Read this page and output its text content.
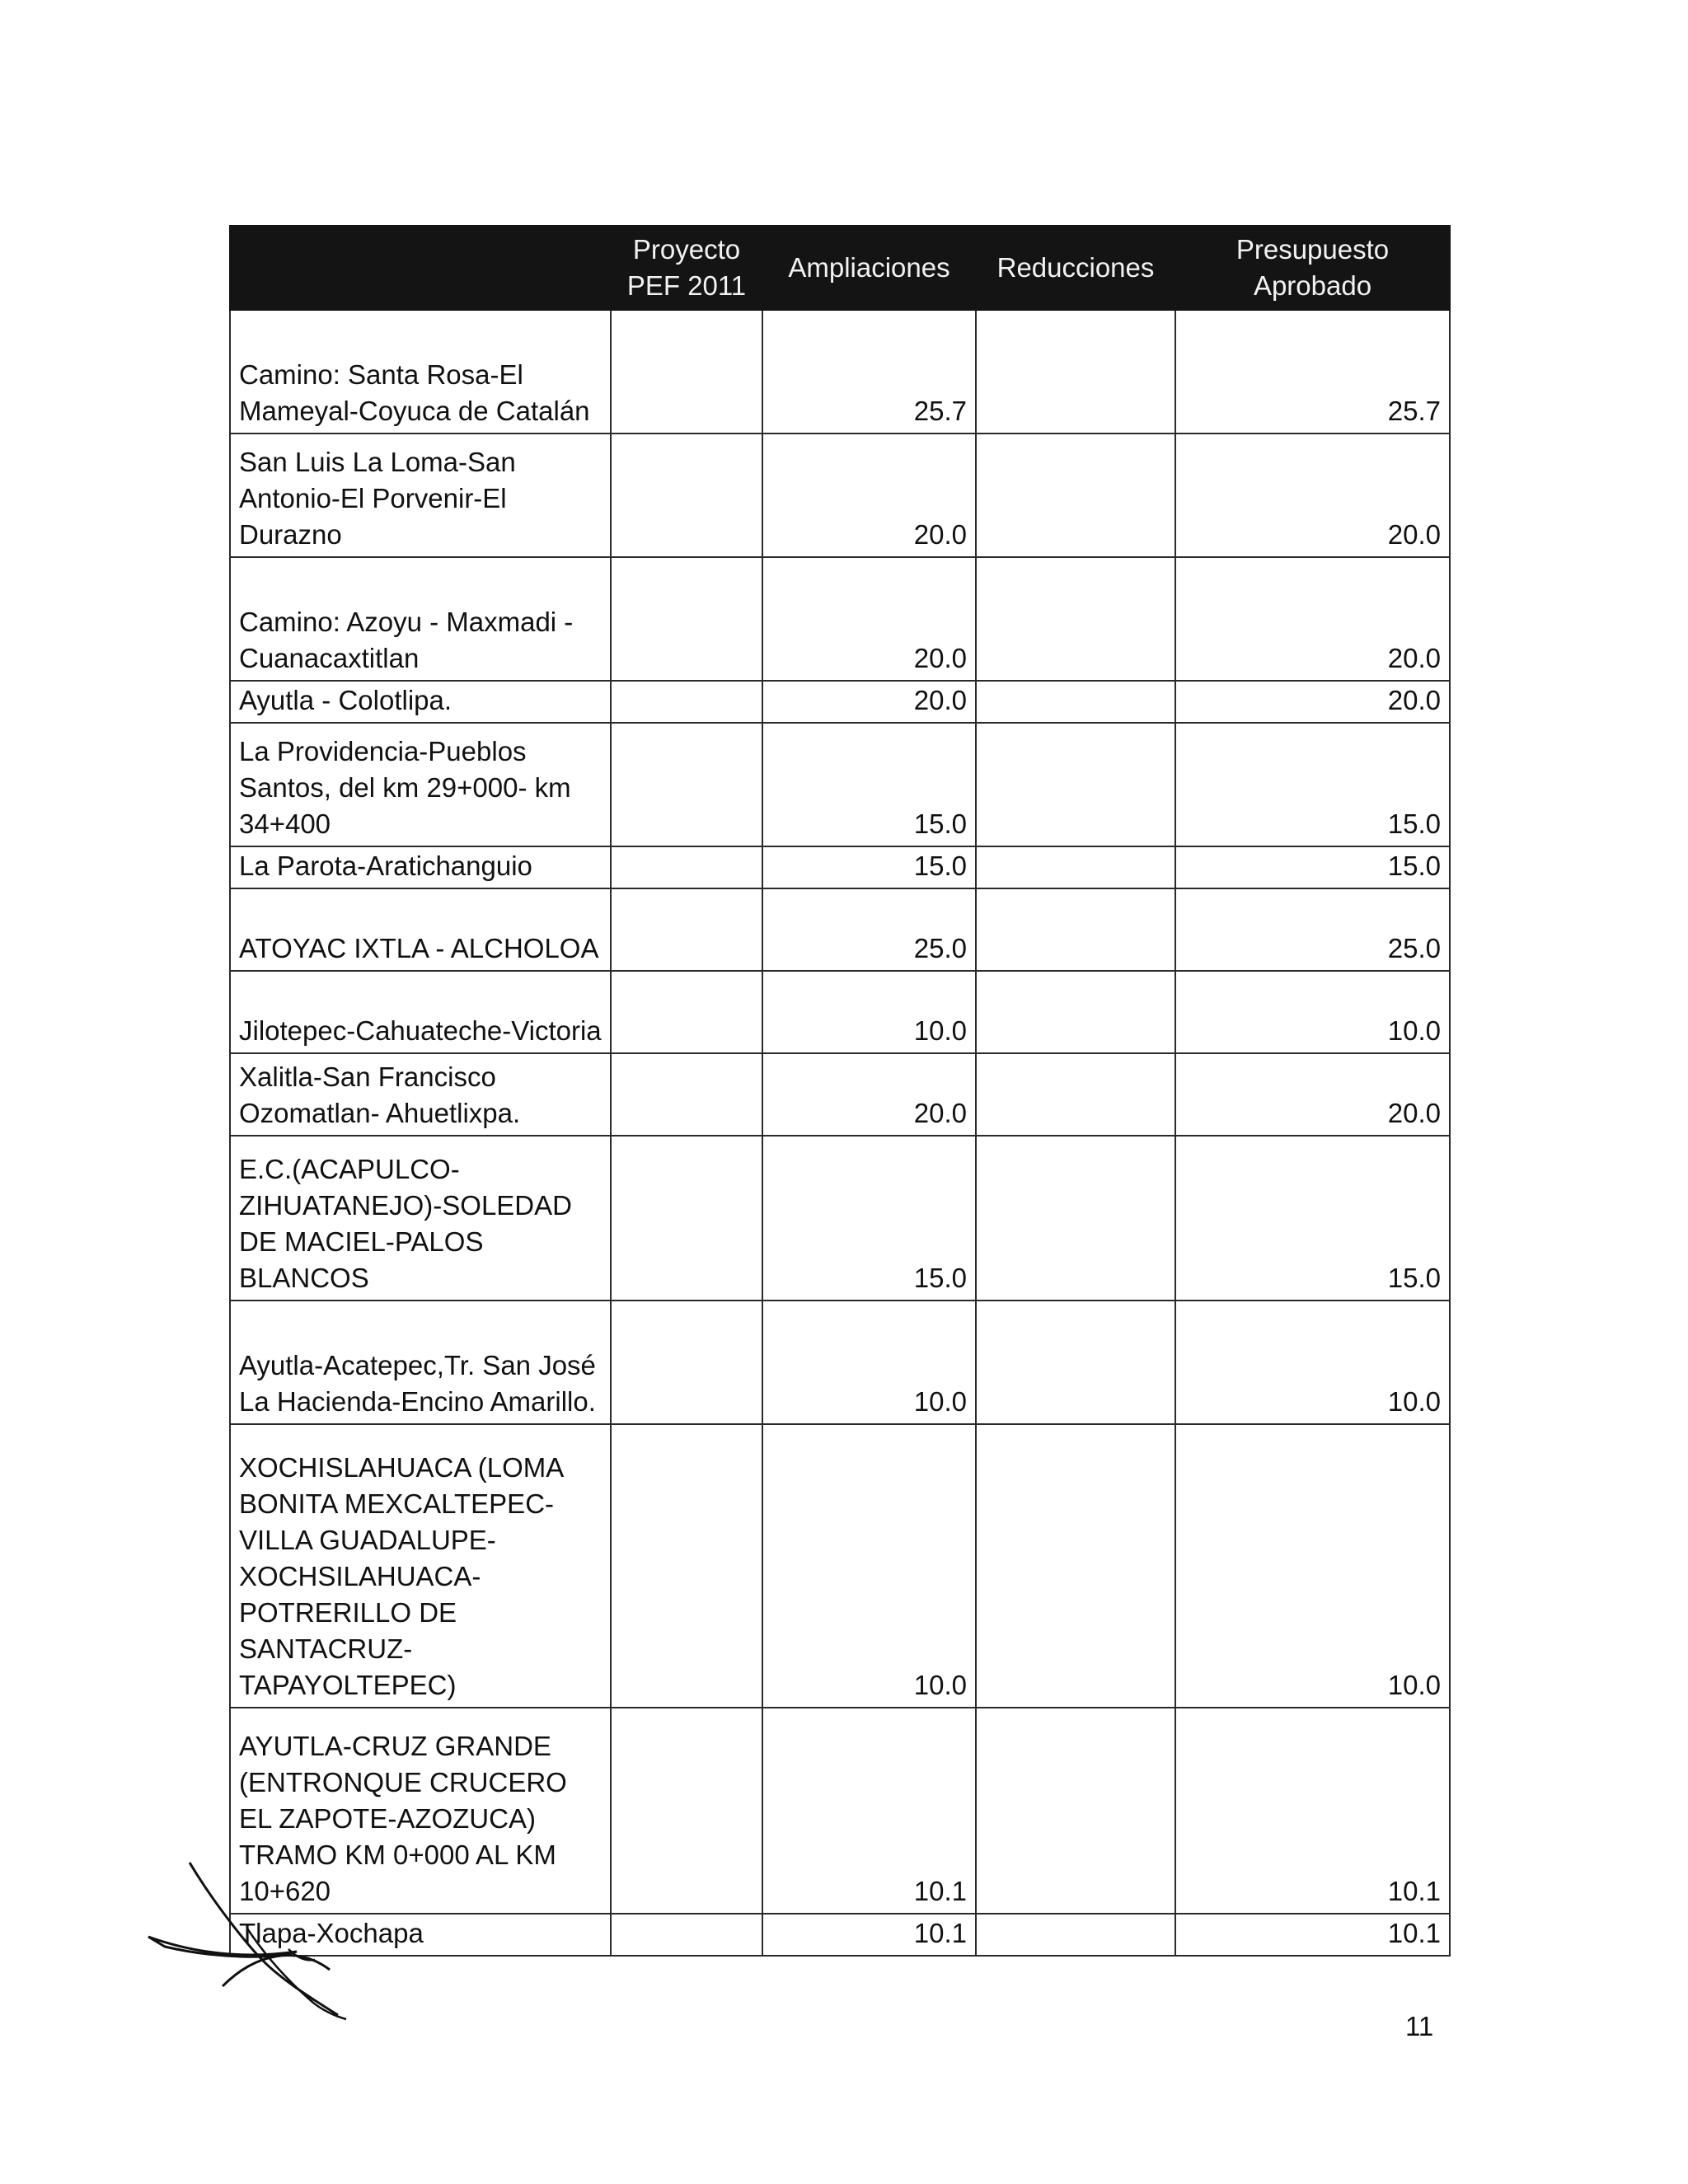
	Proyecto PEF 2011	Ampliaciones	Reducciones	Presupuesto Aprobado
Camino: Santa Rosa-El Mameyal-Coyuca de Catalán		25.7		25.7
San Luis La Loma-San Antonio-El Porvenir-El Durazno		20.0		20.0
Camino: Azoyu - Maxmadi - Cuanacaxtitlan		20.0		20.0
Ayutla - Colotlipa.		20.0		20.0
La Providencia-Pueblos Santos, del km 29+000- km 34+400		15.0		15.0
La Parota-Aratichanguio		15.0		15.0
ATOYAC IXTLA - ALCHOLOA		25.0		25.0
Jilotepec-Cahuateche-Victoria		10.0		10.0
Xalitla-San Francisco Ozomatlan- Ahuetlixpa.		20.0		20.0
E.C.(ACAPULCO-ZIHUATANEJO)-SOLEDAD DE MACIEL-PALOS BLANCOS		15.0		15.0
Ayutla-Acatepec,Tr. San José La Hacienda-Encino Amarillo.		10.0		10.0
XOCHISLAHUACA (LOMA BONITA MEXCALTEPEC-VILLA GUADALUPE-XOCHSILAHUACA-POTRERILLO DE SANTACRUZ-TAPAYOLTEPEC)		10.0		10.0
AYUTLA-CRUZ GRANDE (ENTRONQUE CRUCERO EL ZAPOTE-AZOZUCA) TRAMO KM 0+000 AL KM 10+620		10.1		10.1
Tlapa-Xochapa		10.1		10.1
11
